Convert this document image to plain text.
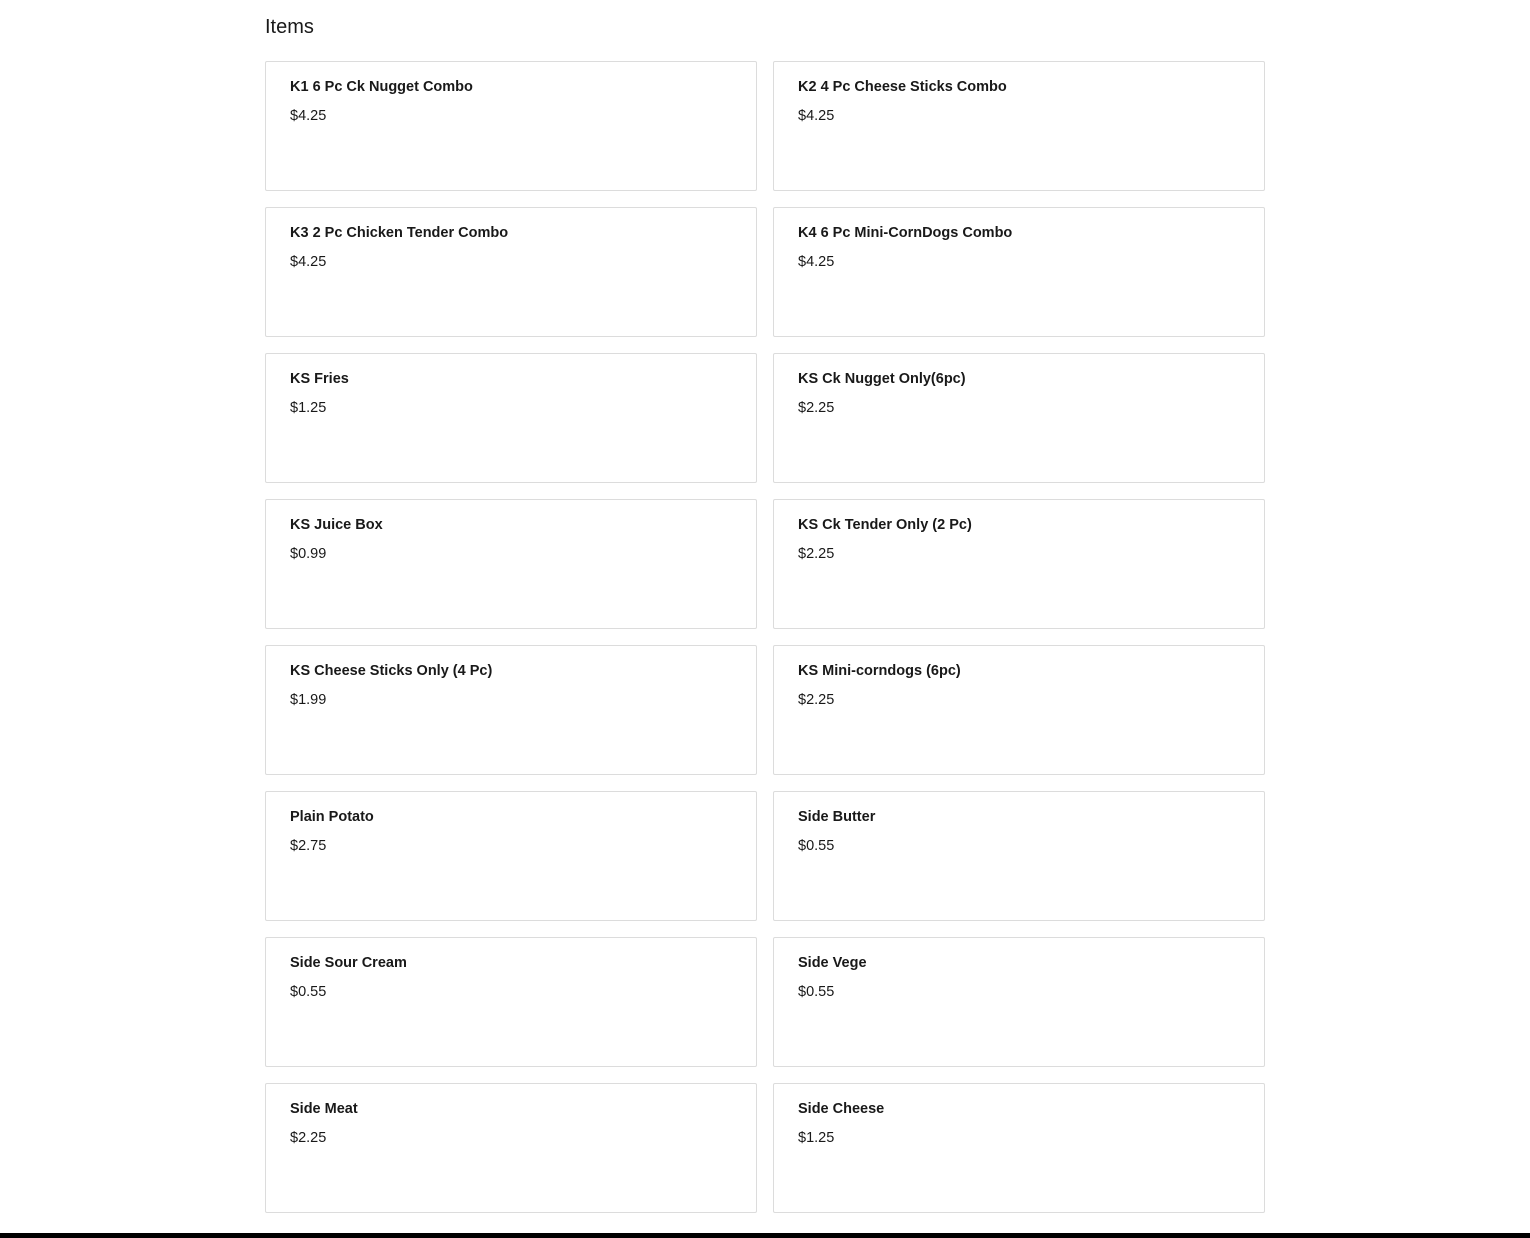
Items
K1 6 Pc Ck Nugget Combo
$4.25
K2 4 Pc Cheese Sticks Combo
$4.25
K3 2 Pc Chicken Tender Combo
$4.25
K4 6 Pc Mini-CornDogs Combo
$4.25
KS Fries
$1.25
KS Ck Nugget Only(6pc)
$2.25
KS Juice Box
$0.99
KS Ck Tender Only (2 Pc)
$2.25
KS Cheese Sticks Only (4 Pc)
$1.99
KS Mini-corndogs (6pc)
$2.25
Plain Potato
$2.75
Side Butter
$0.55
Side Sour Cream
$0.55
Side Vege
$0.55
Side Meat
$2.25
Side Cheese
$1.25
